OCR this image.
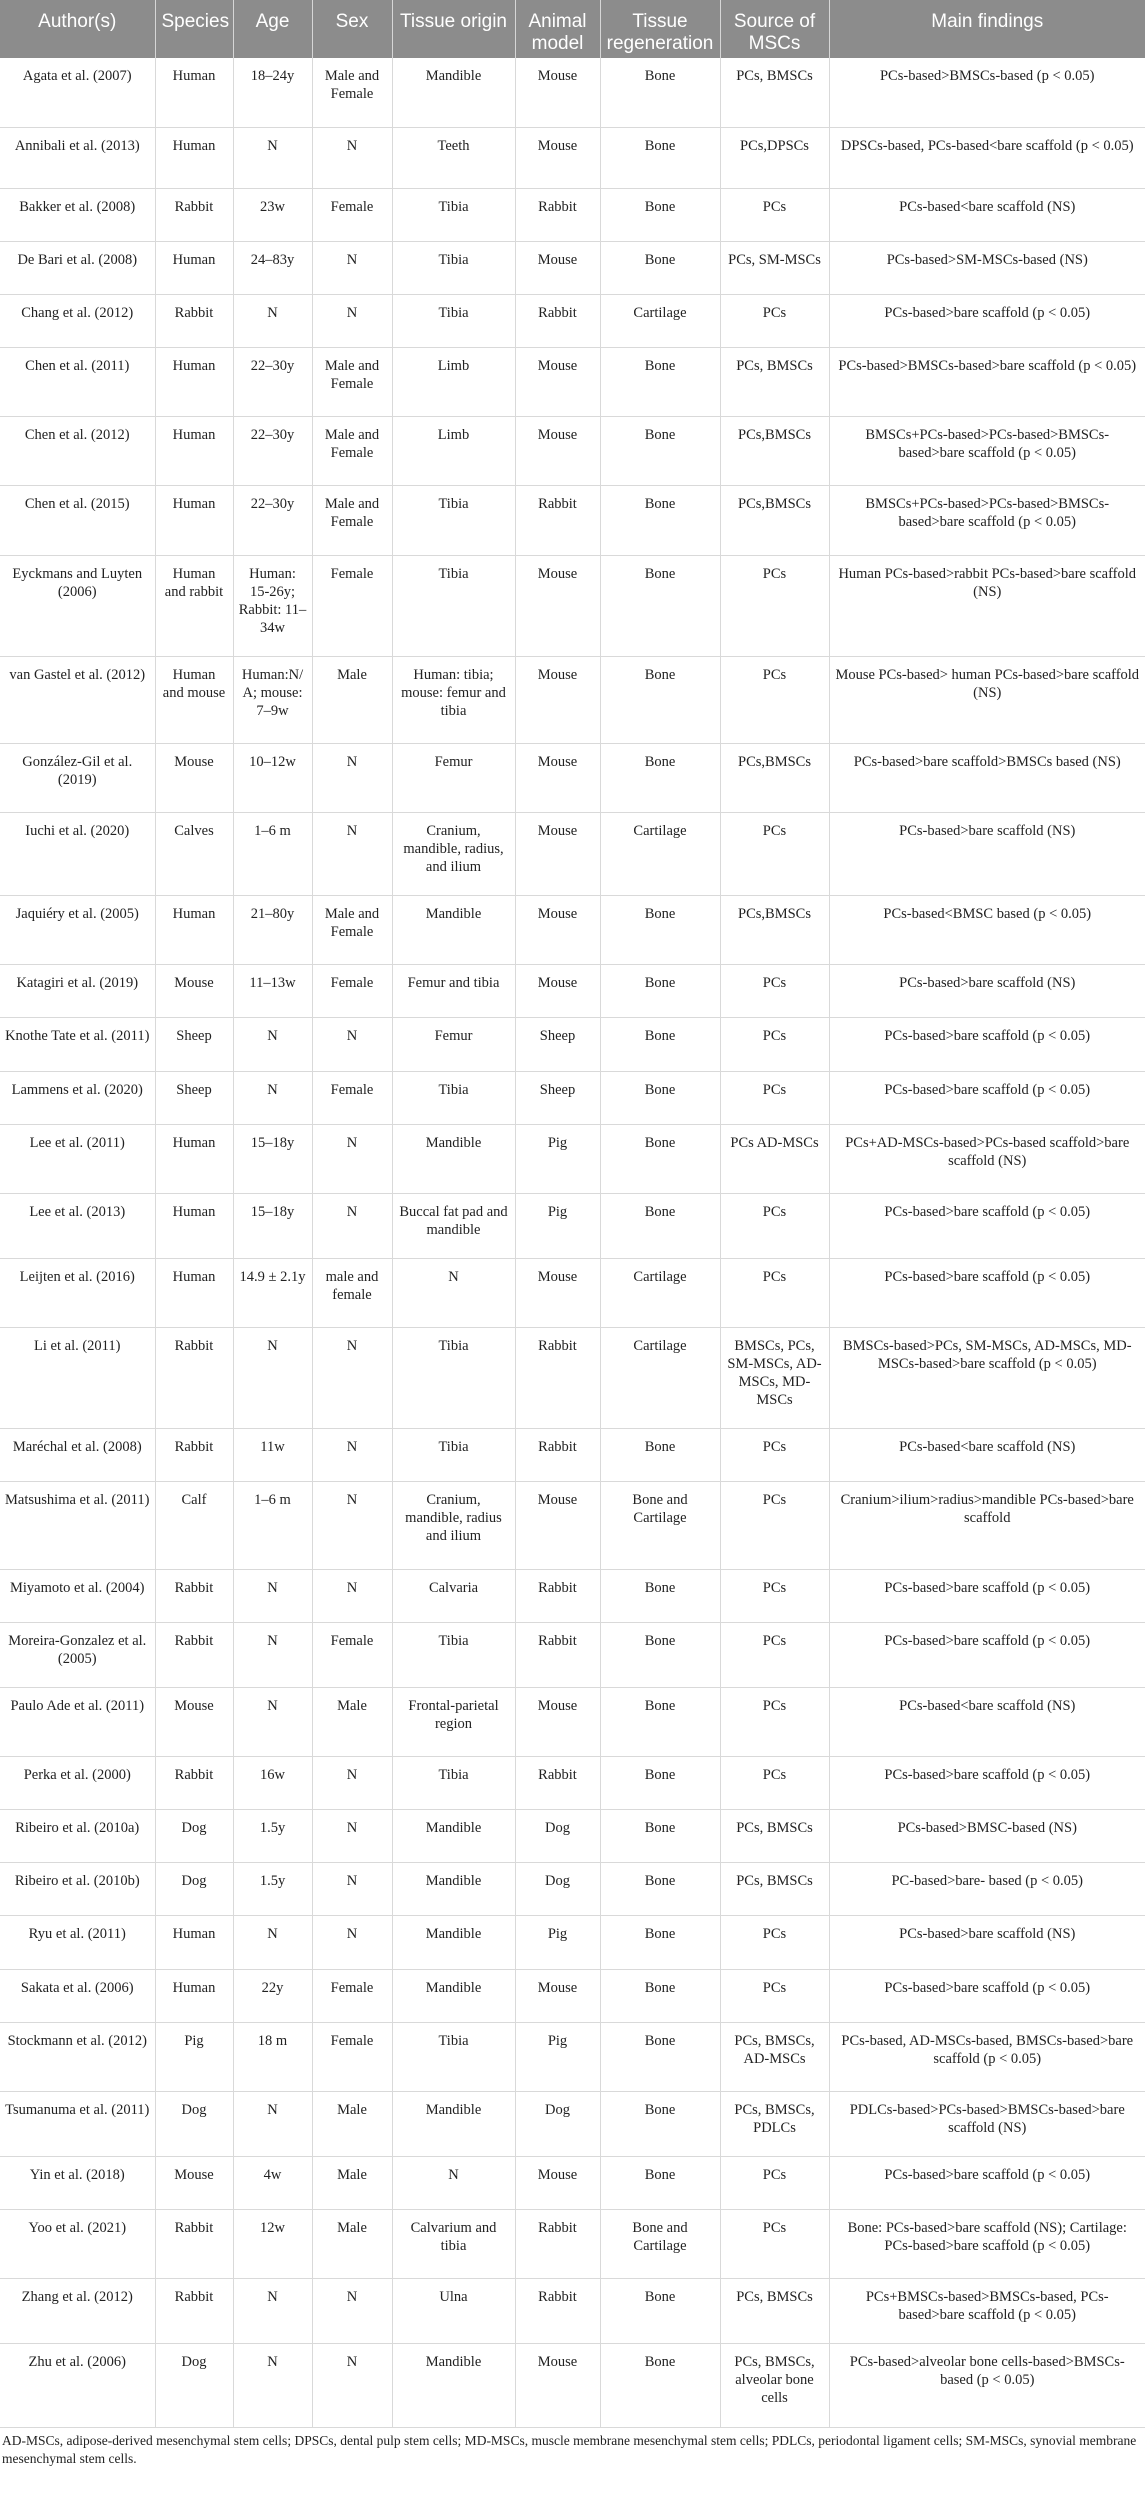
Author(s)	Species	Age	Sex	Tissue origin	Animal model	Tissue regeneration	Source of MSCs	Main findings
Agata et al. (2007)	Human	18–24y	Male and Female	Mandible	Mouse	Bone	PCs, BMSCs	PCs-based>BMSCs-based (p < 0.05)
Annibali et al. (2013)	Human	N	N	Teeth	Mouse	Bone	PCs,DPSCs	DPSCs-based, PCs-based<bare scaffold (p < 0.05)
Bakker et al. (2008)	Rabbit	23w	Female	Tibia	Rabbit	Bone	PCs	PCs-based<bare scaffold (NS)
De Bari et al. (2008)	Human	24–83y	N	Tibia	Mouse	Bone	PCs, SM-MSCs	PCs-based>SM-MSCs-based (NS)
Chang et al. (2012)	Rabbit	N	N	Tibia	Rabbit	Cartilage	PCs	PCs-based>bare scaffold (p < 0.05)
Chen et al. (2011)	Human	22–30y	Male and Female	Limb	Mouse	Bone	PCs, BMSCs	PCs-based>BMSCs-based>bare scaffold (p < 0.05)
Chen et al. (2012)	Human	22–30y	Male and Female	Limb	Mouse	Bone	PCs,BMSCs	BMSCs+PCs-based>PCs-based>BMSCs-based>bare scaffold (p < 0.05)
Chen et al. (2015)	Human	22–30y	Male and Female	Tibia	Rabbit	Bone	PCs,BMSCs	BMSCs+PCs-based>PCs-based>BMSCs-based>bare scaffold (p < 0.05)
Eyckmans and Luyten (2006)	Human and rabbit	Human: 15-26y; Rabbit: 11–34w	Female	Tibia	Mouse	Bone	PCs	Human PCs-based>rabbit PCs-based>bare scaffold (NS)
van Gastel et al. (2012)	Human and mouse	Human:N/ A; mouse: 7–9w	Male	Human: tibia; mouse: femur and tibia	Mouse	Bone	PCs	Mouse PCs-based> human PCs-based>bare scaffold (NS)
González-Gil et al. (2019)	Mouse	10–12w	N	Femur	Mouse	Bone	PCs,BMSCs	PCs-based>bare scaffold>BMSCs based (NS)
Iuchi et al. (2020)	Calves	1–6 m	N	Cranium, mandible, radius, and ilium	Mouse	Cartilage	PCs	PCs-based>bare scaffold (NS)
Jaquiéry et al. (2005)	Human	21–80y	Male and Female	Mandible	Mouse	Bone	PCs,BMSCs	PCs-based<BMSC based (p < 0.05)
Katagiri et al. (2019)	Mouse	11–13w	Female	Femur and tibia	Mouse	Bone	PCs	PCs-based>bare scaffold (NS)
Knothe Tate et al. (2011)	Sheep	N	N	Femur	Sheep	Bone	PCs	PCs-based>bare scaffold (p < 0.05)
Lammens et al. (2020)	Sheep	N	Female	Tibia	Sheep	Bone	PCs	PCs-based>bare scaffold (p < 0.05)
Lee et al. (2011)	Human	15–18y	N	Mandible	Pig	Bone	PCs AD-MSCs	PCs+AD-MSCs-based>PCs-based scaffold>bare scaffold (NS)
Lee et al. (2013)	Human	15–18y	N	Buccal fat pad and mandible	Pig	Bone	PCs	PCs-based>bare scaffold (p < 0.05)
Leijten et al. (2016)	Human	14.9 ± 2.1y	male and female	N	Mouse	Cartilage	PCs	PCs-based>bare scaffold (p < 0.05)
Li et al. (2011)	Rabbit	N	N	Tibia	Rabbit	Cartilage	BMSCs, PCs, SM-MSCs, AD-MSCs, MD-MSCs	BMSCs-based>PCs, SM-MSCs, AD-MSCs, MD-MSCs-based>bare scaffold (p < 0.05)
Maréchal et al. (2008)	Rabbit	11w	N	Tibia	Rabbit	Bone	PCs	PCs-based<bare scaffold (NS)
Matsushima et al. (2011)	Calf	1–6 m	N	Cranium, mandible, radius and ilium	Mouse	Bone and Cartilage	PCs	Cranium>ilium>radius>mandible PCs-based>bare scaffold
Miyamoto et al. (2004)	Rabbit	N	N	Calvaria	Rabbit	Bone	PCs	PCs-based>bare scaffold (p < 0.05)
Moreira-Gonzalez et al. (2005)	Rabbit	N	Female	Tibia	Rabbit	Bone	PCs	PCs-based>bare scaffold (p < 0.05)
Paulo Ade et al. (2011)	Mouse	N	Male	Frontal-parietal region	Mouse	Bone	PCs	PCs-based<bare scaffold (NS)
Perka et al. (2000)	Rabbit	16w	N	Tibia	Rabbit	Bone	PCs	PCs-based>bare scaffold (p < 0.05)
Ribeiro et al. (2010a)	Dog	1.5y	N	Mandible	Dog	Bone	PCs, BMSCs	PCs-based>BMSC-based (NS)
Ribeiro et al. (2010b)	Dog	1.5y	N	Mandible	Dog	Bone	PCs, BMSCs	PC-based>bare- based (p < 0.05)
Ryu et al. (2011)	Human	N	N	Mandible	Pig	Bone	PCs	PCs-based>bare scaffold (NS)
Sakata et al. (2006)	Human	22y	Female	Mandible	Mouse	Bone	PCs	PCs-based>bare scaffold (p < 0.05)
Stockmann et al. (2012)	Pig	18 m	Female	Tibia	Pig	Bone	PCs, BMSCs, AD-MSCs	PCs-based, AD-MSCs-based, BMSCs-based>bare scaffold (p < 0.05)
Tsumanuma et al. (2011)	Dog	N	Male	Mandible	Dog	Bone	PCs, BMSCs, PDLCs	PDLCs-based>PCs-based>BMSCs-based>bare scaffold (NS)
Yin et al. (2018)	Mouse	4w	Male	N	Mouse	Bone	PCs	PCs-based>bare scaffold (p < 0.05)
Yoo et al. (2021)	Rabbit	12w	Male	Calvarium and tibia	Rabbit	Bone and Cartilage	PCs	Bone: PCs-based>bare scaffold (NS); Cartilage: PCs-based>bare scaffold (p < 0.05)
Zhang et al. (2012)	Rabbit	N	N	Ulna	Rabbit	Bone	PCs, BMSCs	PCs+BMSCs-based>BMSCs-based, PCs-based>bare scaffold (p < 0.05)
Zhu et al. (2006)	Dog	N	N	Mandible	Mouse	Bone	PCs, BMSCs, alveolar bone cells	PCs-based>alveolar bone cells-based>BMSCs-based (p < 0.05)
AD-MSCs, adipose-derived mesenchymal stem cells; DPSCs, dental pulp stem cells; MD-MSCs, muscle membrane mesenchymal stem cells; PDLCs, periodontal ligament cells; SM-MSCs, synovial membrane mesenchymal stem cells.
